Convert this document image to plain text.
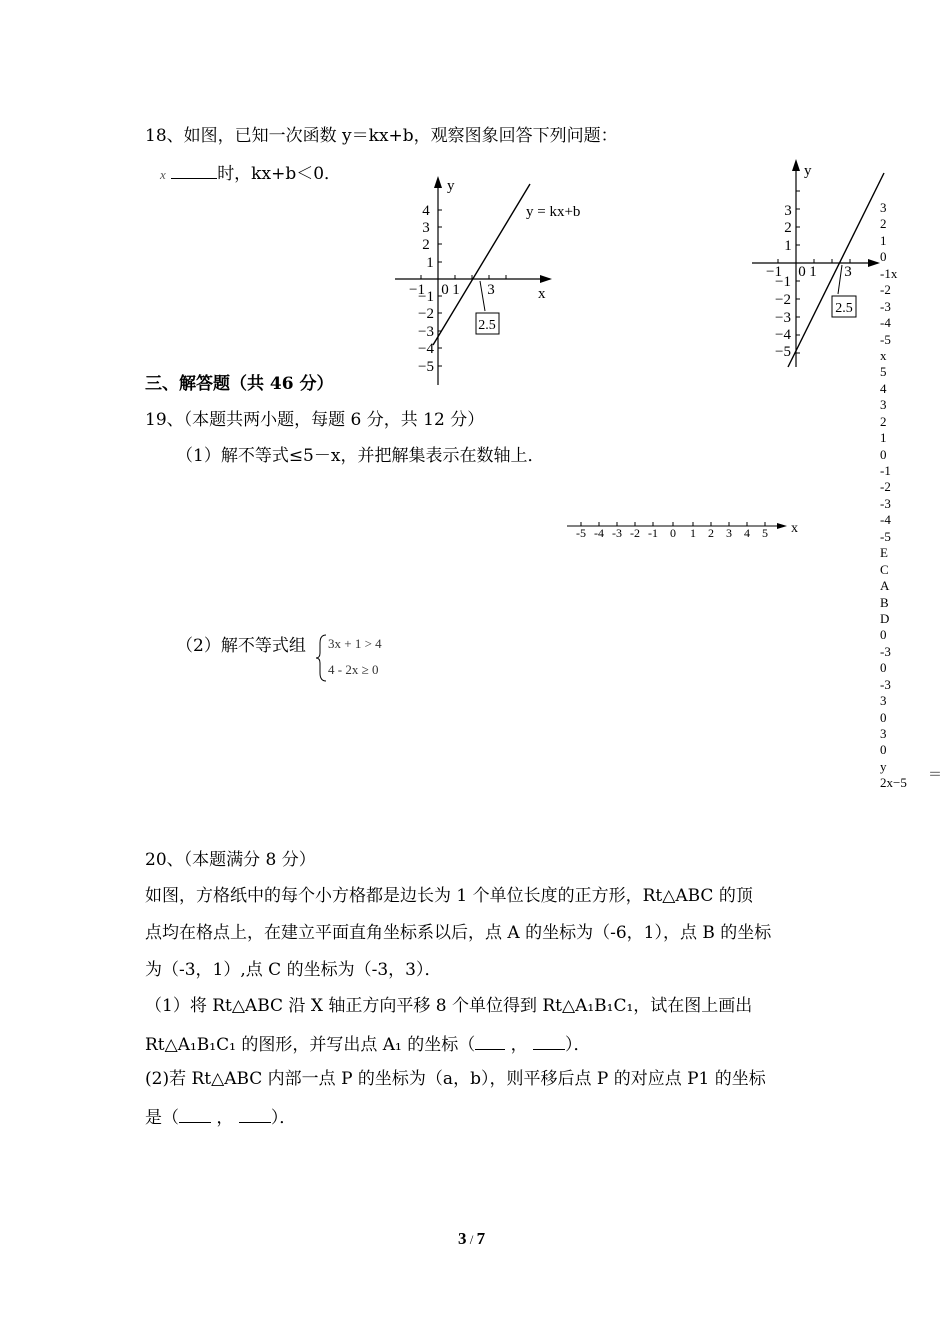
18、如图，已知一次函数 y＝kx+b，观察图象回答下列问题：
x	时，kx+b＜0．
y
x
y = kx+b
4
3
2
1
−1
−2
−3
−4
−5
−1 0 1 3
2.5
y
3
2
1
−1
−2
−3
−4
−5
−1 0 1 3
2.5
3
2
1
0
-1x
-2
-3
-4
-5
x
5
4
3
2
1
0
-1
-2
-3
-4
-5
E
C
A
B
D
0
-3
0
-3
3
0
3
0
y
2x−5 ＝
三、解答题（共 46 分）
19、（本题共两小题，每题 6 分，共 12 分）
（1）解不等式≤5－x，并把解集表示在数轴上．
-5 -4 -3 -2 -1 0 1 2 3 4 5 x
（2）解不等式组 3x + 1 > 4
4 - 2x ≥ 0
20、（本题满分 8 分）
如图，方格纸中的每个小方格都是边长为 1 个单位长度的正方形，Rt△ABC 的顶
点均在格点上，在建立平面直角坐标系以后，点 A 的坐标为（-6，1），点 B 的坐标
为（-3，1）,点 C 的坐标为（-3，3）．
（1）将 Rt△ABC 沿 X 轴正方向平移 8 个单位得到 Rt△A₁B₁C₁，试在图上画出
Rt△A₁B₁C₁ 的图形，并写出点 A₁ 的坐标（ ， ）．
(2)若 Rt△ABC 内部一点 P 的坐标为（a，b），则平移后点 P 的对应点 P1 的坐标
是（ ， ）．
3 / 7
